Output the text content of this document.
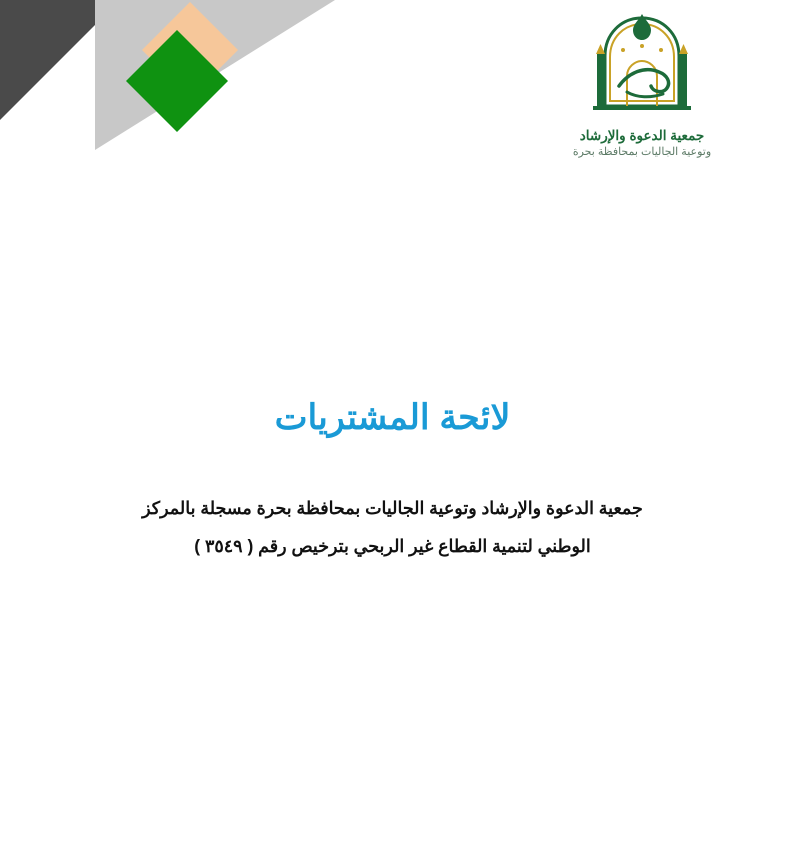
جمعية الدعوة والإرشاد
وتوعية الجاليات بمحافظة بحرة
لائحة المشتريات
جمعية الدعوة والإرشاد وتوعية الجاليات بمحافظة بحرة مسجلة بالمركز
الوطني لتنمية القطاع غير الربحي بترخيص رقم ( ٣٥٤٩ )
